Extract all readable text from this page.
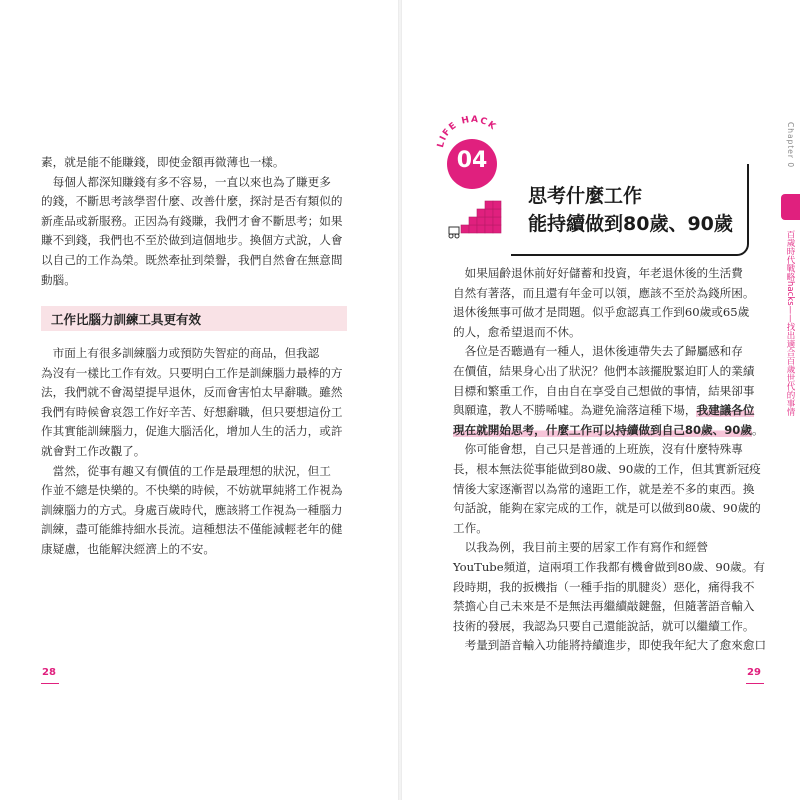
素，就是能不能賺錢，即使金額再微薄也一樣。
　每個人都深知賺錢有多不容易，一直以來也為了賺更多
的錢，不斷思考該學習什麼、改善什麼，探討是否有類似的
新產品或新服務。正因為有錢賺，我們才會不斷思考；如果
賺不到錢，我們也不至於做到這個地步。換個方式說，人會
以自己的工作為榮。既然牽扯到榮譽，我們自然會在無意間
動腦。
工作比腦力訓練工具更有效
　市面上有很多訓練腦力或預防失智症的商品，但我認
為沒有一樣比工作有效。只要明白工作是訓練腦力最棒的方
法，我們就不會渴望提早退休，反而會害怕太早辭職。雖然
我們有時候會哀怨工作好辛苦、好想辭職，但只要想這份工
作其實能訓練腦力，促進大腦活化，增加人生的活力，或許
就會對工作改觀了。
　當然，從事有趣又有價值的工作是最理想的狀況，但工
作並不總是快樂的。不快樂的時候，不妨就單純將工作視為
訓練腦力的方式。身處百歲時代，應該將工作視為一種腦力
訓練，盡可能維持細水長流。這種想法不僅能減輕老年的健
康疑慮，也能解決經濟上的不安。
28
LIFE HACK
04
思考什麼工作
能持續做到80歲、90歲
Chapter 0
百歲時代戰略hacks——找出適合百歲世代的事情
　如果屆齡退休前好好儲蓄和投資，年老退休後的生活費
自然有著落，而且還有年金可以領，應該不至於為錢所困。
退休後無事可做才是問題。似乎愈認真工作到60歲或65歲
的人，愈希望退而不休。
　各位是否聽過有一種人，退休後連帶失去了歸屬感和存
在價值，結果身心出了狀況？他們本該擺脫緊迫盯人的業績
目標和繁重工作，自由自在享受自己想做的事情，結果卻事
與願違，教人不勝唏噓。為避免淪落這種下場，我建議各位
現在就開始思考，什麼工作可以持續做到自己80歲、90歲。
　你可能會想，自己只是普通的上班族，沒有什麼特殊專
長，根本無法從事能做到80歲、90歲的工作，但其實新冠疫
情後大家逐漸習以為常的遠距工作，就是差不多的東西。換
句話說，能夠在家完成的工作，就是可以做到80歲、90歲的
工作。
　以我為例，我目前主要的居家工作有寫作和經營
YouTube頻道，這兩項工作我都有機會做到80歲、90歲。有
段時期，我的扳機指（一種手指的肌腱炎）惡化，痛得我不
禁擔心自己未來是不是無法再繼續敲鍵盤，但隨著語音輸入
技術的發展，我認為只要自己還能說話，就可以繼續工作。
　考量到語音輸入功能將持續進步，即使我年紀大了愈來愈口
29
